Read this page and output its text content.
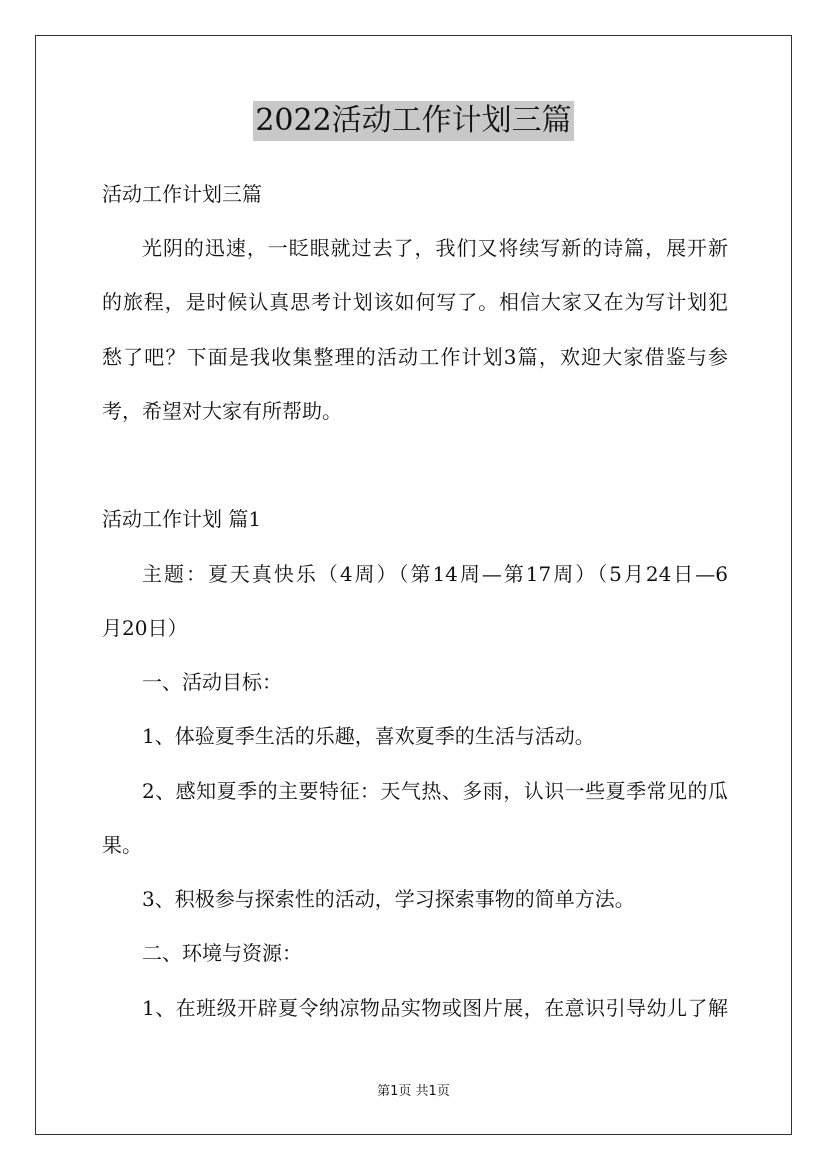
2022活动工作计划三篇

活动工作计划三篇

光阴的迅速，一眨眼就过去了，我们又将续写新的诗篇，展开新

的旅程，是时候认真思考计划该如何写了。相信大家又在为写计划犯

愁了吧？下面是我收集整理的活动工作计划3篇，欢迎大家借鉴与参

考，希望对大家有所帮助。

活动工作计划 篇1

主题：夏天真快乐（4周）（第14周—第17周）（5月24日—6

月20日）

一、活动目标：

1、体验夏季生活的乐趣，喜欢夏季的生活与活动。

2、感知夏季的主要特征：天气热、多雨，认识一些夏季常见的瓜

果。

3、积极参与探索性的活动，学习探索事物的简单方法。

二、环境与资源：

1、在班级开辟夏令纳凉物品实物或图片展，在意识引导幼儿了解

第1页 共1页
